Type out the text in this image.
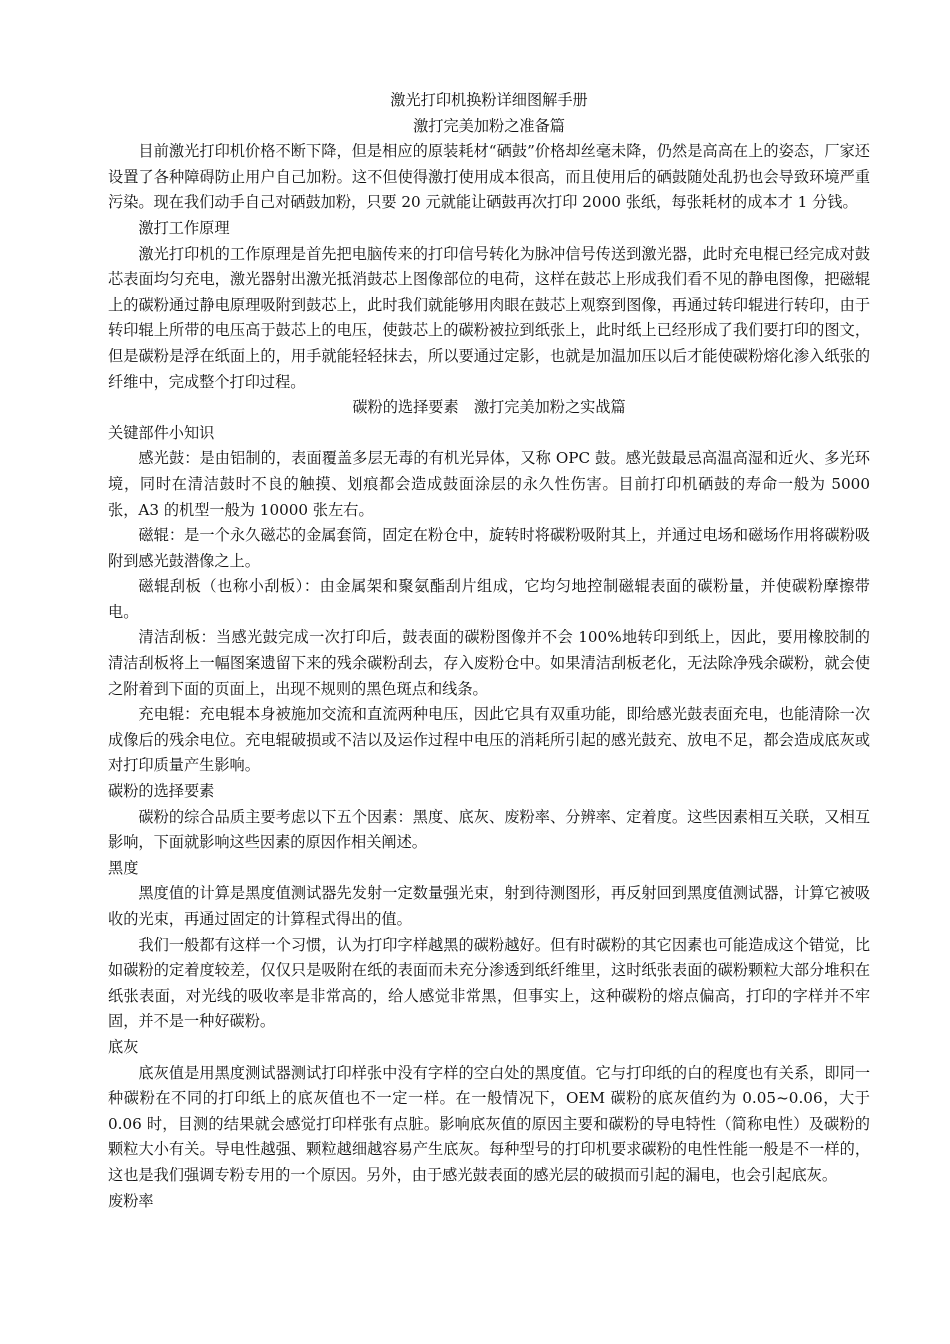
激光打印机换粉详细图解手册

激打完美加粉之准备篇

目前激光打印机价格不断下降，但是相应的原装耗材“硒鼓”价格却丝毫未降，仍然是高高在上的姿态，厂家还设置了各种障碍防止用户自己加粉。这不但使得激打使用成本很高，而且使用后的硒鼓随处乱扔也会导致环境严重污染。现在我们动手自己对硒鼓加粉，只要 20 元就能让硒鼓再次打印 2000 张纸，每张耗材的成本才 1 分钱。

激打工作原理

激光打印机的工作原理是首先把电脑传来的打印信号转化为脉冲信号传送到激光器，此时充电棍已经完成对鼓芯表面均匀充电，激光器射出激光抵消鼓芯上图像部位的电荷，这样在鼓芯上形成我们看不见的静电图像，把磁辊上的碳粉通过静电原理吸附到鼓芯上，此时我们就能够用肉眼在鼓芯上观察到图像，再通过转印辊进行转印，由于转印辊上所带的电压高于鼓芯上的电压，使鼓芯上的碳粉被拉到纸张上，此时纸上已经形成了我们要打印的图文，但是碳粉是浮在纸面上的，用手就能轻轻抹去，所以要通过定影，也就是加温加压以后才能使碳粉熔化渗入纸张的纤维中，完成整个打印过程。

碳粉的选择要素　激打完美加粉之实战篇

关键部件小知识

感光鼓：是由铝制的，表面覆盖多层无毒的有机光异体，又称 OPC 鼓。感光鼓最忌高温高湿和近火、多光环境，同时在清洁鼓时不良的触摸、划痕都会造成鼓面涂层的永久性伤害。目前打印机硒鼓的寿命一般为 5000 张，A3 的机型一般为 10000 张左右。

磁辊：是一个永久磁芯的金属套筒，固定在粉仓中，旋转时将碳粉吸附其上，并通过电场和磁场作用将碳粉吸附到感光鼓潜像之上。

磁辊刮板（也称小刮板）：由金属架和聚氨酯刮片组成，它均匀地控制磁辊表面的碳粉量，并使碳粉摩擦带电。

清洁刮板：当感光鼓完成一次打印后，鼓表面的碳粉图像并不会 100%地转印到纸上，因此，要用橡胶制的清洁刮板将上一幅图案遗留下来的残余碳粉刮去，存入废粉仓中。如果清洁刮板老化，无法除净残余碳粉，就会使之附着到下面的页面上，出现不规则的黑色斑点和线条。

充电辊：充电辊本身被施加交流和直流两种电压，因此它具有双重功能，即给感光鼓表面充电，也能清除一次成像后的残余电位。充电辊破损或不洁以及运作过程中电压的消耗所引起的感光鼓充、放电不足，都会造成底灰或对打印质量产生影响。

碳粉的选择要素

碳粉的综合品质主要考虑以下五个因素：黑度、底灰、废粉率、分辨率、定着度。这些因素相互关联，又相互影响，下面就影响这些因素的原因作相关阐述。

黑度

黑度值的计算是黑度值测试器先发射一定数量强光束，射到待测图形，再反射回到黑度值测试器，计算它被吸收的光束，再通过固定的计算程式得出的值。

我们一般都有这样一个习惯，认为打印字样越黑的碳粉越好。但有时碳粉的其它因素也可能造成这个错觉，比如碳粉的定着度较差，仅仅只是吸附在纸的表面而未充分渗透到纸纤维里，这时纸张表面的碳粉颗粒大部分堆积在纸张表面，对光线的吸收率是非常高的，给人感觉非常黑，但事实上，这种碳粉的熔点偏高，打印的字样并不牢固，并不是一种好碳粉。

底灰

底灰值是用黑度测试器测试打印样张中没有字样的空白处的黑度值。它与打印纸的白的程度也有关系，即同一种碳粉在不同的打印纸上的底灰值也不一定一样。在一般情况下，OEM 碳粉的底灰值约为 0.05~0.06，大于 0.06 时，目测的结果就会感觉打印样张有点脏。影响底灰值的原因主要和碳粉的导电特性（简称电性）及碳粉的颗粒大小有关。导电性越强、颗粒越细越容易产生底灰。每种型号的打印机要求碳粉的电性性能一般是不一样的，这也是我们强调专粉专用的一个原因。另外，由于感光鼓表面的感光层的破损而引起的漏电，也会引起底灰。

废粉率
